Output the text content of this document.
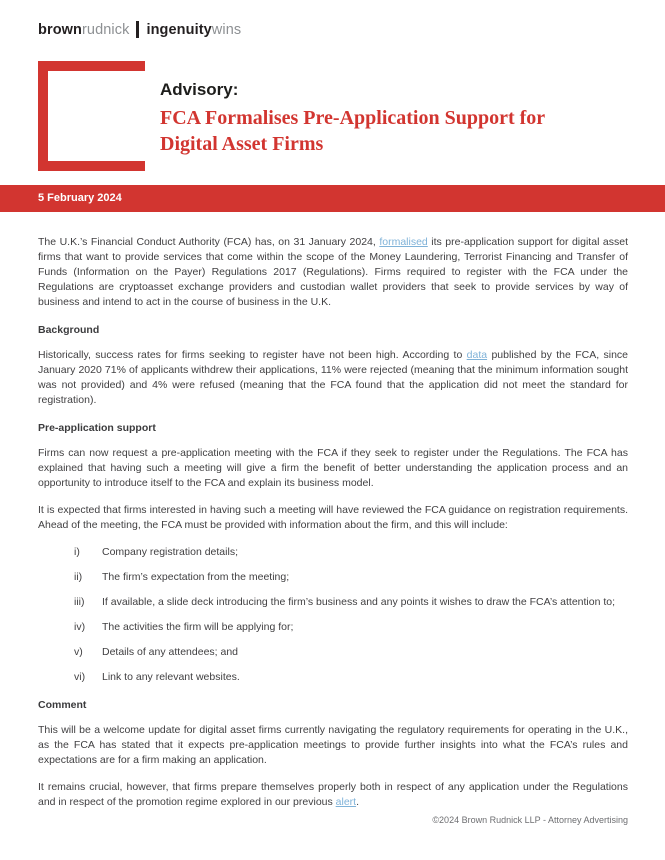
brown rudnick ingenuity wins
Advisory:
FCA Formalises Pre-Application Support for
Digital Asset Firms
5 February 2024

The U.K.’s Financial Conduct Authority (FCA) has, on 31 January 2024, formalised its pre-application support for digital asset firms that want to provide services that come within the scope of the Money Laundering, Terrorist Financing and Transfer of Funds (Information on the Payer) Regulations 2017 (Regulations). Firms required to register with the FCA under the Regulations are cryptoasset exchange providers and custodian wallet providers that seek to provide services by way of business and intend to act in the course of business in the U.K.

Background

Historically, success rates for firms seeking to register have not been high. According to data published by the FCA, since January 2020 71% of applicants withdrew their applications, 11% were rejected (meaning that the minimum information sought was not provided) and 4% were refused (meaning that the FCA found that the application did not meet the standard for registration).

Pre-application support

Firms can now request a pre-application meeting with the FCA if they seek to register under the Regulations. The FCA has explained that having such a meeting will give a firm the benefit of better understanding the application process and an opportunity to introduce itself to the FCA and explain its business model.

It is expected that firms interested in having such a meeting will have reviewed the FCA guidance on registration requirements. Ahead of the meeting, the FCA must be provided with information about the firm, and this will include:

i)	Company registration details;
ii)	The firm’s expectation from the meeting;
iii)	If available, a slide deck introducing the firm’s business and any points it wishes to draw the FCA’s attention to;
iv)	The activities the firm will be applying for;
v)	Details of any attendees; and
vi)	Link to any relevant websites.
Comment

This will be a welcome update for digital asset firms currently navigating the regulatory requirements for operating in the U.K., as the FCA has stated that it expects pre-application meetings to provide further insights into what the FCA’s rules and expectations are for a firm making an application.

It remains crucial, however, that firms prepare themselves properly both in respect of any application under the Regulations and in respect of the promotion regime explored in our previous alert.

©2024 Brown Rudnick LLP - Attorney Advertising
